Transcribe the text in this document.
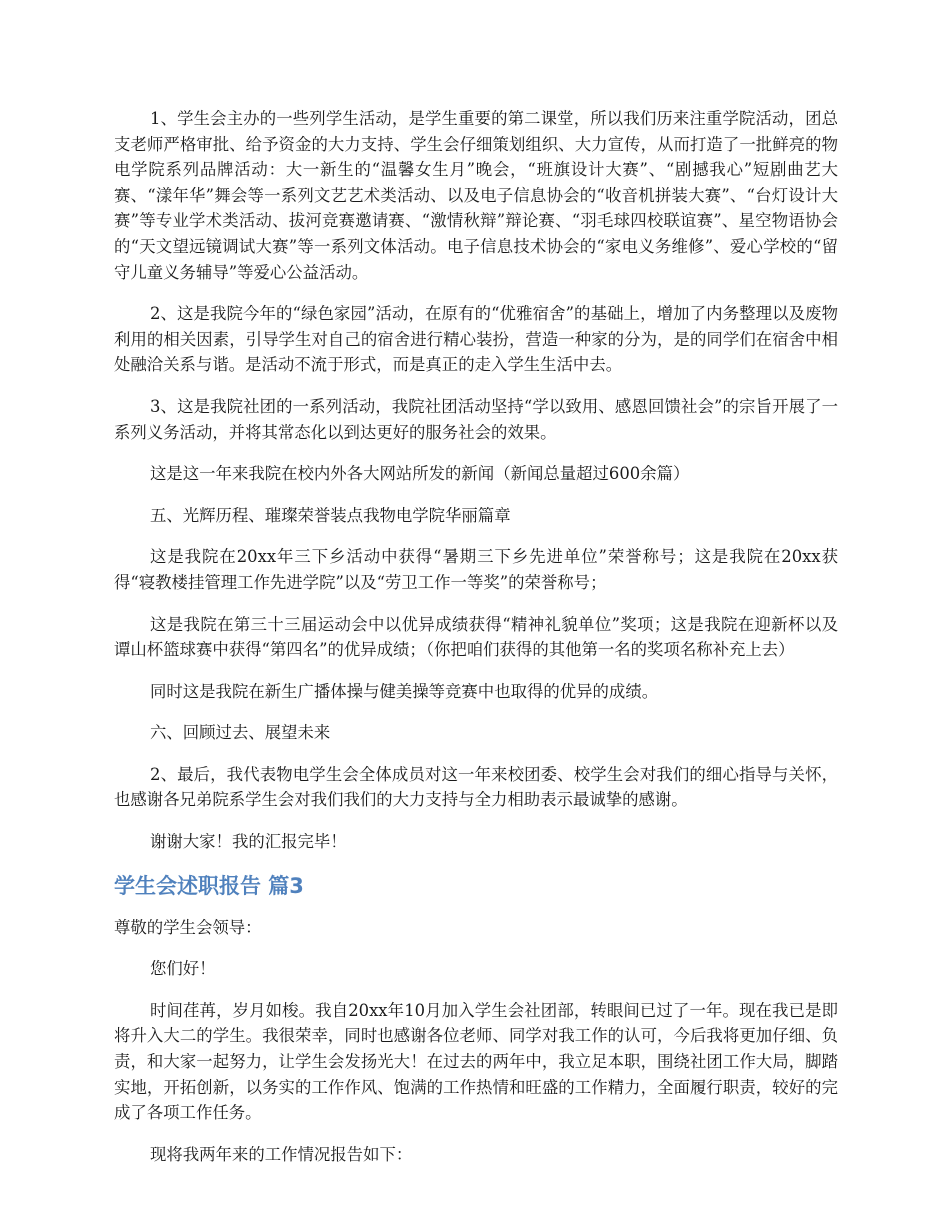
1、学生会主办的一些列学生活动，是学生重要的第二课堂，所以我们历来注重学院活动，团总支老师严格审批、给予资金的大力支持、学生会仔细策划组织、大力宣传，从而打造了一批鲜亮的物电学院系列品牌活动：大一新生的“温馨女生月”晚会，“班旗设计大赛”、“剧撼我心”短剧曲艺大赛、“漾年华”舞会等一系列文艺艺术类活动、以及电子信息协会的“收音机拼装大赛”、“台灯设计大赛”等专业学术类活动、拔河竞赛邀请赛、“激情秋辩”辩论赛、“羽毛球四校联谊赛”、星空物语协会的“天文望远镜调试大赛”等一系列文体活动。电子信息技术协会的“家电义务维修”、爱心学校的“留守儿童义务辅导”等爱心公益活动。

2、这是我院今年的“绿色家园”活动，在原有的“优雅宿舍”的基础上，增加了内务整理以及废物利用的相关因素，引导学生对自己的宿舍进行精心装扮，营造一种家的分为，是的同学们在宿舍中相处融洽关系与谐。是活动不流于形式，而是真正的走入学生生活中去。

3、这是我院社团的一系列活动，我院社团活动坚持“学以致用、感恩回馈社会”的宗旨开展了一系列义务活动，并将其常态化以到达更好的服务社会的效果。

这是这一年来我院在校内外各大网站所发的新闻（新闻总量超过600余篇）

五、光辉历程、璀璨荣誉装点我物电学院华丽篇章

这是我院在20xx年三下乡活动中获得“暑期三下乡先进单位”荣誉称号；这是我院在20xx获得“寝教楼挂管理工作先进学院”以及“劳卫工作一等奖”的荣誉称号；

这是我院在第三十三届运动会中以优异成绩获得“精神礼貌单位”奖项；这是我院在迎新杯以及谭山杯篮球赛中获得“第四名”的优异成绩；（你把咱们获得的其他第一名的奖项名称补充上去）

同时这是我院在新生广播体操与健美操等竞赛中也取得的优异的成绩。

六、回顾过去、展望未来

2、最后，我代表物电学生会全体成员对这一年来校团委、校学生会对我们的细心指导与关怀，也感谢各兄弟院系学生会对我们我们的大力支持与全力相助表示最诚挚的感谢。

谢谢大家！我的汇报完毕！

学生会述职报告 篇3

尊敬的学生会领导：

您们好！

时间荏苒，岁月如梭。我自20xx年10月加入学生会社团部，转眼间已过了一年。现在我已是即将升入大二的学生。我很荣幸，同时也感谢各位老师、同学对我工作的认可，今后我将更加仔细、负责，和大家一起努力，让学生会发扬光大！在过去的两年中，我立足本职，围绕社团工作大局，脚踏实地，开拓创新，以务实的工作作风、饱满的工作热情和旺盛的工作精力，全面履行职责，较好的完成了各项工作任务。

现将我两年来的工作情况报告如下：
